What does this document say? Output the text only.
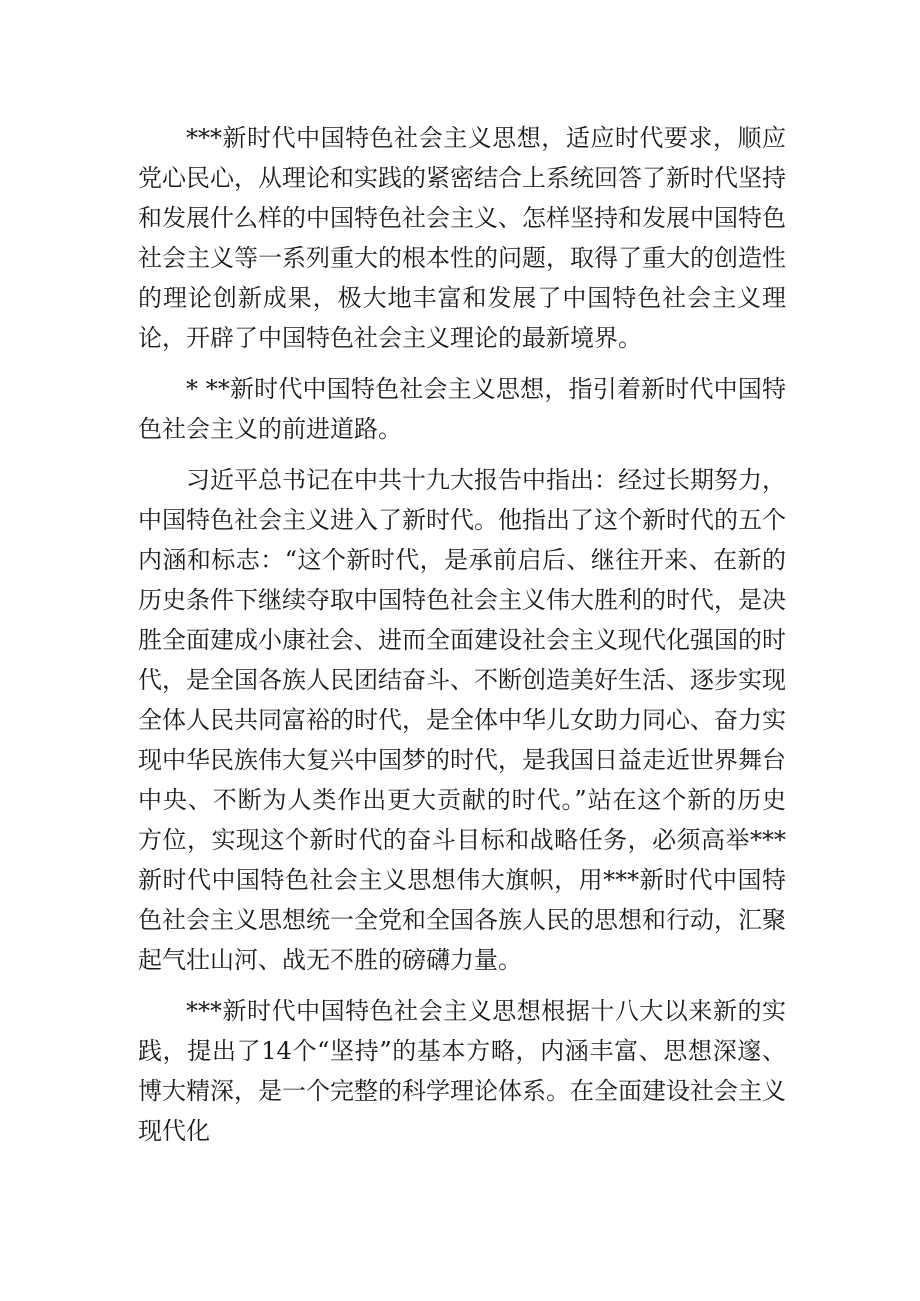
***新时代中国特色社会主义思想，适应时代要求，顺应党心民心，从理论和实践的紧密结合上系统回答了新时代坚持和发展什么样的中国特色社会主义、怎样坚持和发展中国特色社会主义等一系列重大的根本性的问题，取得了重大的创造性的理论创新成果，极大地丰富和发展了中国特色社会主义理论，开辟了中国特色社会主义理论的最新境界。

* **新时代中国特色社会主义思想，指引着新时代中国特色社会主义的前进道路。

习近平总书记在中共十九大报告中指出：经过长期努力，中国特色社会主义进入了新时代。他指出了这个新时代的五个内涵和标志：“这个新时代，是承前启后、继往开来、在新的历史条件下继续夺取中国特色社会主义伟大胜利的时代，是决胜全面建成小康社会、进而全面建设社会主义现代化强国的时代，是全国各族人民团结奋斗、不断创造美好生活、逐步实现全体人民共同富裕的时代，是全体中华儿女助力同心、奋力实现中华民族伟大复兴中国梦的时代，是我国日益走近世界舞台中央、不断为人类作出更大贡献的时代。”站在这个新的历史方位，实现这个新时代的奋斗目标和战略任务，必须高举***新时代中国特色社会主义思想伟大旗帜，用***新时代中国特色社会主义思想统一全党和全国各族人民的思想和行动，汇聚起气壮山河、战无不胜的磅礴力量。

***新时代中国特色社会主义思想根据十八大以来新的实践，提出了14个“坚持”的基本方略，内涵丰富、思想深邃、博大精深，是一个完整的科学理论体系。在全面建设社会主义现代化
